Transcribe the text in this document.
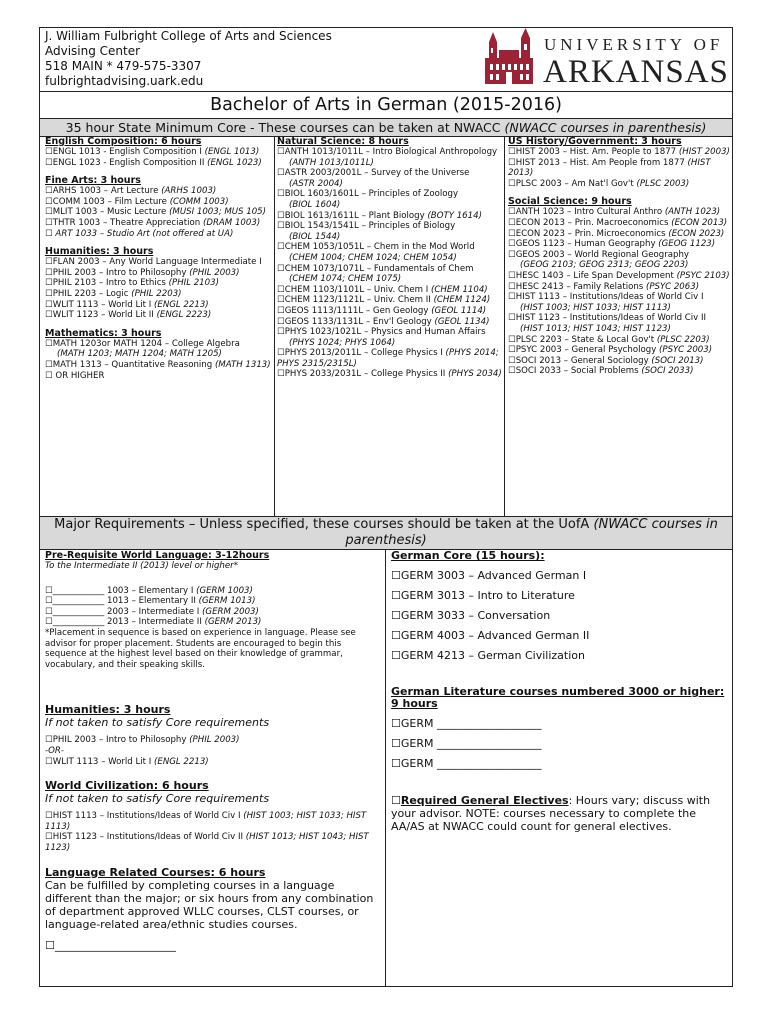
J. William Fulbright College of Arts and Sciences
Advising Center
518 MAIN * 479-575-3307
fulbrightadvising.uark.edu
UNIVERSITY OF
ARKANSAS
Bachelor of Arts in German (2015-2016)
35 hour State Minimum Core - These courses can be taken at NWACC (NWACC courses in parenthesis)
English Composition: 6 hours
☐ENGL 1013 - English Composition I (ENGL 1013)
☐ENGL 1023 - English Composition II (ENGL 1023)
Fine Arts: 3 hours
☐ARHS 1003 – Art Lecture (ARHS 1003)
☐COMM 1003 – Film Lecture (COMM 1003)
☐MLIT 1003 – Music Lecture (MUSI 1003; MUS 105)
☐THTR 1003 – Theatre Appreciation (DRAM 1003)
☐ ART 1033 – Studio Art (not offered at UA)
Humanities: 3 hours
☐FLAN 2003 – Any World Language Intermediate I
☐PHIL 2003 – Intro to Philosophy (PHIL 2003)
☐PHIL 2103 – Intro to Ethics (PHIL 2103)
☐PHIL 2203 – Logic (PHIL 2203)
☐WLIT 1113 – World Lit I (ENGL 2213)
☐WLIT 1123 – World Lit II (ENGL 2223)
Mathematics: 3 hours
☐MATH 1203or MATH 1204 – College Algebra
(MATH 1203; MATH 1204; MATH 1205)
☐MATH 1313 – Quantitative Reasoning (MATH 1313)
☐ OR HIGHER
Natural Science: 8 hours
☐ANTH 1013/1011L – Intro Biological Anthropology
(ANTH 1013/1011L)
☐ASTR 2003/2001L – Survey of the Universe
(ASTR 2004)
☐BIOL 1603/1601L – Principles of Zoology
(BIOL 1604)
☐BIOL 1613/1611L – Plant Biology (BOTY 1614)
☐BIOL 1543/1541L – Principles of Biology
(BIOL 1544)
☐CHEM 1053/1051L – Chem in the Mod World
(CHEM 1004; CHEM 1024; CHEM 1054)
☐CHEM 1073/1071L – Fundamentals of Chem
(CHEM 1074; CHEM 1075)
☐CHEM 1103/1101L – Univ. Chem I (CHEM 1104)
☐CHEM 1123/1121L – Univ. Chem II (CHEM 1124)
☐GEOS 1113/1111L – Gen Geology (GEOL 1114)
☐GEOS 1133/1131L – Env'l Geology (GEOL 1134)
☐PHYS 1023/1021L – Physics and Human Affairs
(PHYS 1024; PHYS 1064)
☐PHYS 2013/2011L – College Physics I (PHYS 2014; PHYS 2315/2315L)
☐PHYS 2033/2031L – College Physics II (PHYS 2034)
US History/Government: 3 hours
☐HIST 2003 – Hist. Am. People to 1877 (HIST 2003)
☐HIST 2013 – Hist. Am People from 1877 (HIST 2013)
☐PLSC 2003 – Am Nat'l Gov't (PLSC 2003)
Social Science: 9 hours
☐ANTH 1023 – Intro Cultural Anthro (ANTH 1023)
☐ECON 2013 – Prin. Macroeconomics (ECON 2013)
☐ECON 2023 – Prin. Microeconomics (ECON 2023)
☐GEOS 1123 – Human Geography (GEOG 1123)
☐GEOS 2003 – World Regional Geography
(GEOG 2103; GEOG 2313; GEOG 2203)
☐HESC 1403 – Life Span Development (PSYC 2103)
☐HESC 2413 – Family Relations (PSYC 2063)
☐HIST 1113 – Institutions/Ideas of World Civ I
(HIST 1003; HIST 1033; HIST 1113)
☐HIST 1123 – Institutions/Ideas of World Civ II
(HIST 1013; HIST 1043; HIST 1123)
☐PLSC 2203 – State & Local Gov't (PLSC 2203)
☐PSYC 2003 – General Psychology (PSYC 2003)
☐SOCI 2013 – General Sociology (SOCI 2013)
☐SOCI 2033 – Social Problems (SOCI 2033)
Major Requirements – Unless specified, these courses should be taken at the UofA (NWACC courses in parenthesis)
Pre-Requisite World Language: 3-12hours
To the Intermediate II (2013) level or higher*
☐____________ 1003 – Elementary I (GERM 1003)
☐____________ 1013 – Elementary II (GERM 1013)
☐____________ 2003 – Intermediate I (GERM 2003)
☐____________ 2013 – Intermediate II (GERM 2013)
*Placement in sequence is based on experience in language. Please see advisor for proper placement. Students are encouraged to begin this sequence at the highest level based on their knowledge of grammar, vocabulary, and their speaking skills.
Humanities: 3 hours
If not taken to satisfy Core requirements
☐PHIL 2003 – Intro to Philosophy (PHIL 2003)
-OR-
☐WLIT 1113 – World Lit I (ENGL 2213)
World Civilization: 6 hours
If not taken to satisfy Core requirements
☐HIST 1113 – Institutions/Ideas of World Civ I (HIST 1003; HIST 1033; HIST 1113)
☐HIST 1123 – Institutions/Ideas of World Civ II (HIST 1013; HIST 1043; HIST 1123)
Language Related Courses: 6 hours
Can be fulfilled by completing courses in a language different than the major; or six hours from any combination of department approved WLLC courses, CLST courses, or language-related area/ethnic studies courses.
☐______________________
German Core (15 hours):
☐GERM 3003 – Advanced German I
☐GERM 3013 – Intro to Literature
☐GERM 3033 – Conversation
☐GERM 4003 – Advanced German II
☐GERM 4213 – German Civilization
German Literature courses numbered 3000 or higher: 9 hours
☐GERM ___________________
☐GERM ___________________
☐GERM ___________________
☐Required General Electives: Hours vary; discuss with your advisor. NOTE: courses necessary to complete the AA/AS at NWACC could count for general electives.
